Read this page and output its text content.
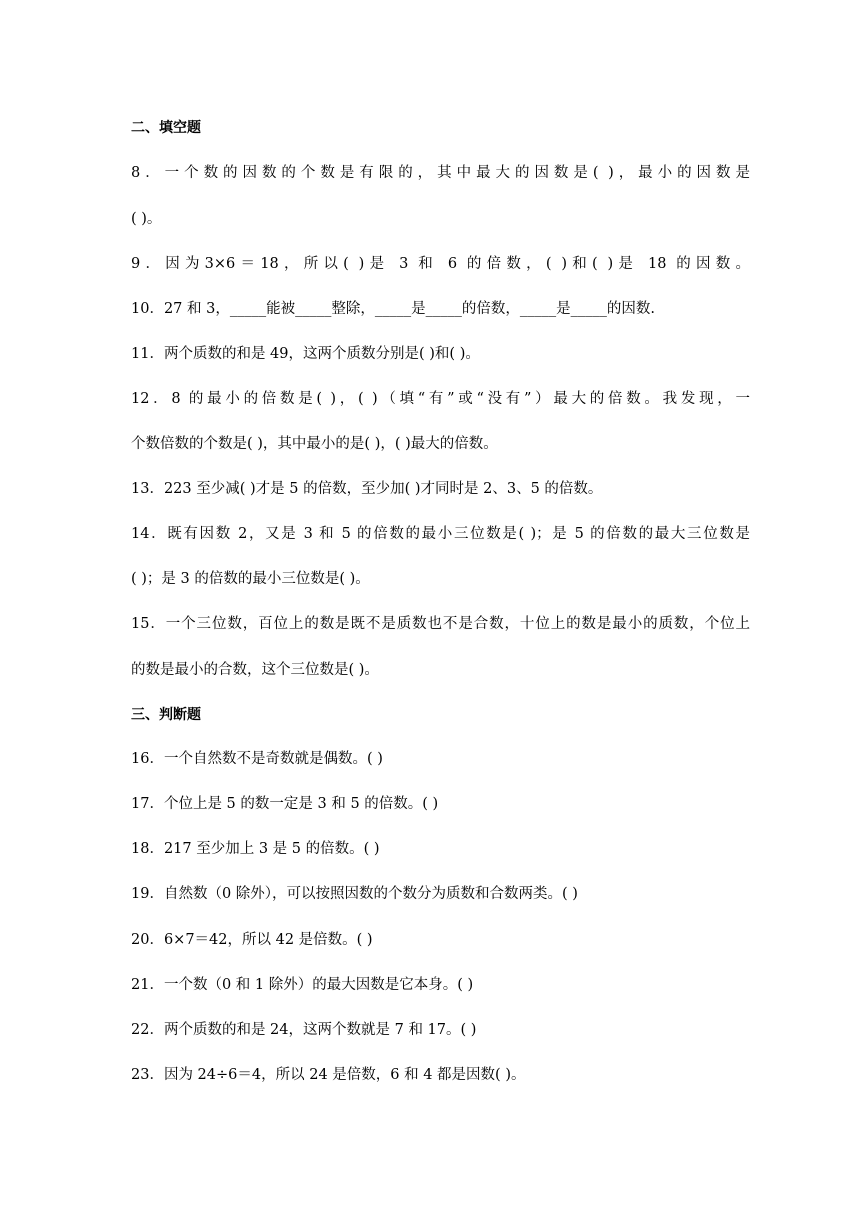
二、填空题
8．一个数的因数的个数是有限的，其中最大的因数是( )，最小的因数是
( )。
9．因为3×6＝18，所以( )是 3 和 6 的倍数，( )和( )是 18 的因数。
10．27 和 3，_____能被_____整除，_____是_____的倍数，_____是_____的因数.
11．两个质数的和是 49，这两个质数分别是( )和( )。
12．8 的最小的倍数是( )，( )（填“有”或“没有”）最大的倍数。我发现，一
个数倍数的个数是( )，其中最小的是( )，( )最大的倍数。
13．223 至少减( )才是 5 的倍数，至少加( )才同时是 2、3、5 的倍数。
14．既有因数 2，又是 3 和 5 的倍数的最小三位数是( )；是 5 的倍数的最大三位数是
( )；是 3 的倍数的最小三位数是( )。
15．一个三位数，百位上的数是既不是质数也不是合数，十位上的数是最小的质数，个位上
的数是最小的合数，这个三位数是( )。
三、判断题
16．一个自然数不是奇数就是偶数。( )
17．个位上是 5 的数一定是 3 和 5 的倍数。( )
18．217 至少加上 3 是 5 的倍数。( )
19．自然数（0 除外），可以按照因数的个数分为质数和合数两类。( )
20．6×7＝42，所以 42 是倍数。( )
21．一个数（0 和 1 除外）的最大因数是它本身。( )
22．两个质数的和是 24，这两个数就是 7 和 17。( )
23．因为 24÷6＝4，所以 24 是倍数，6 和 4 都是因数( )。
